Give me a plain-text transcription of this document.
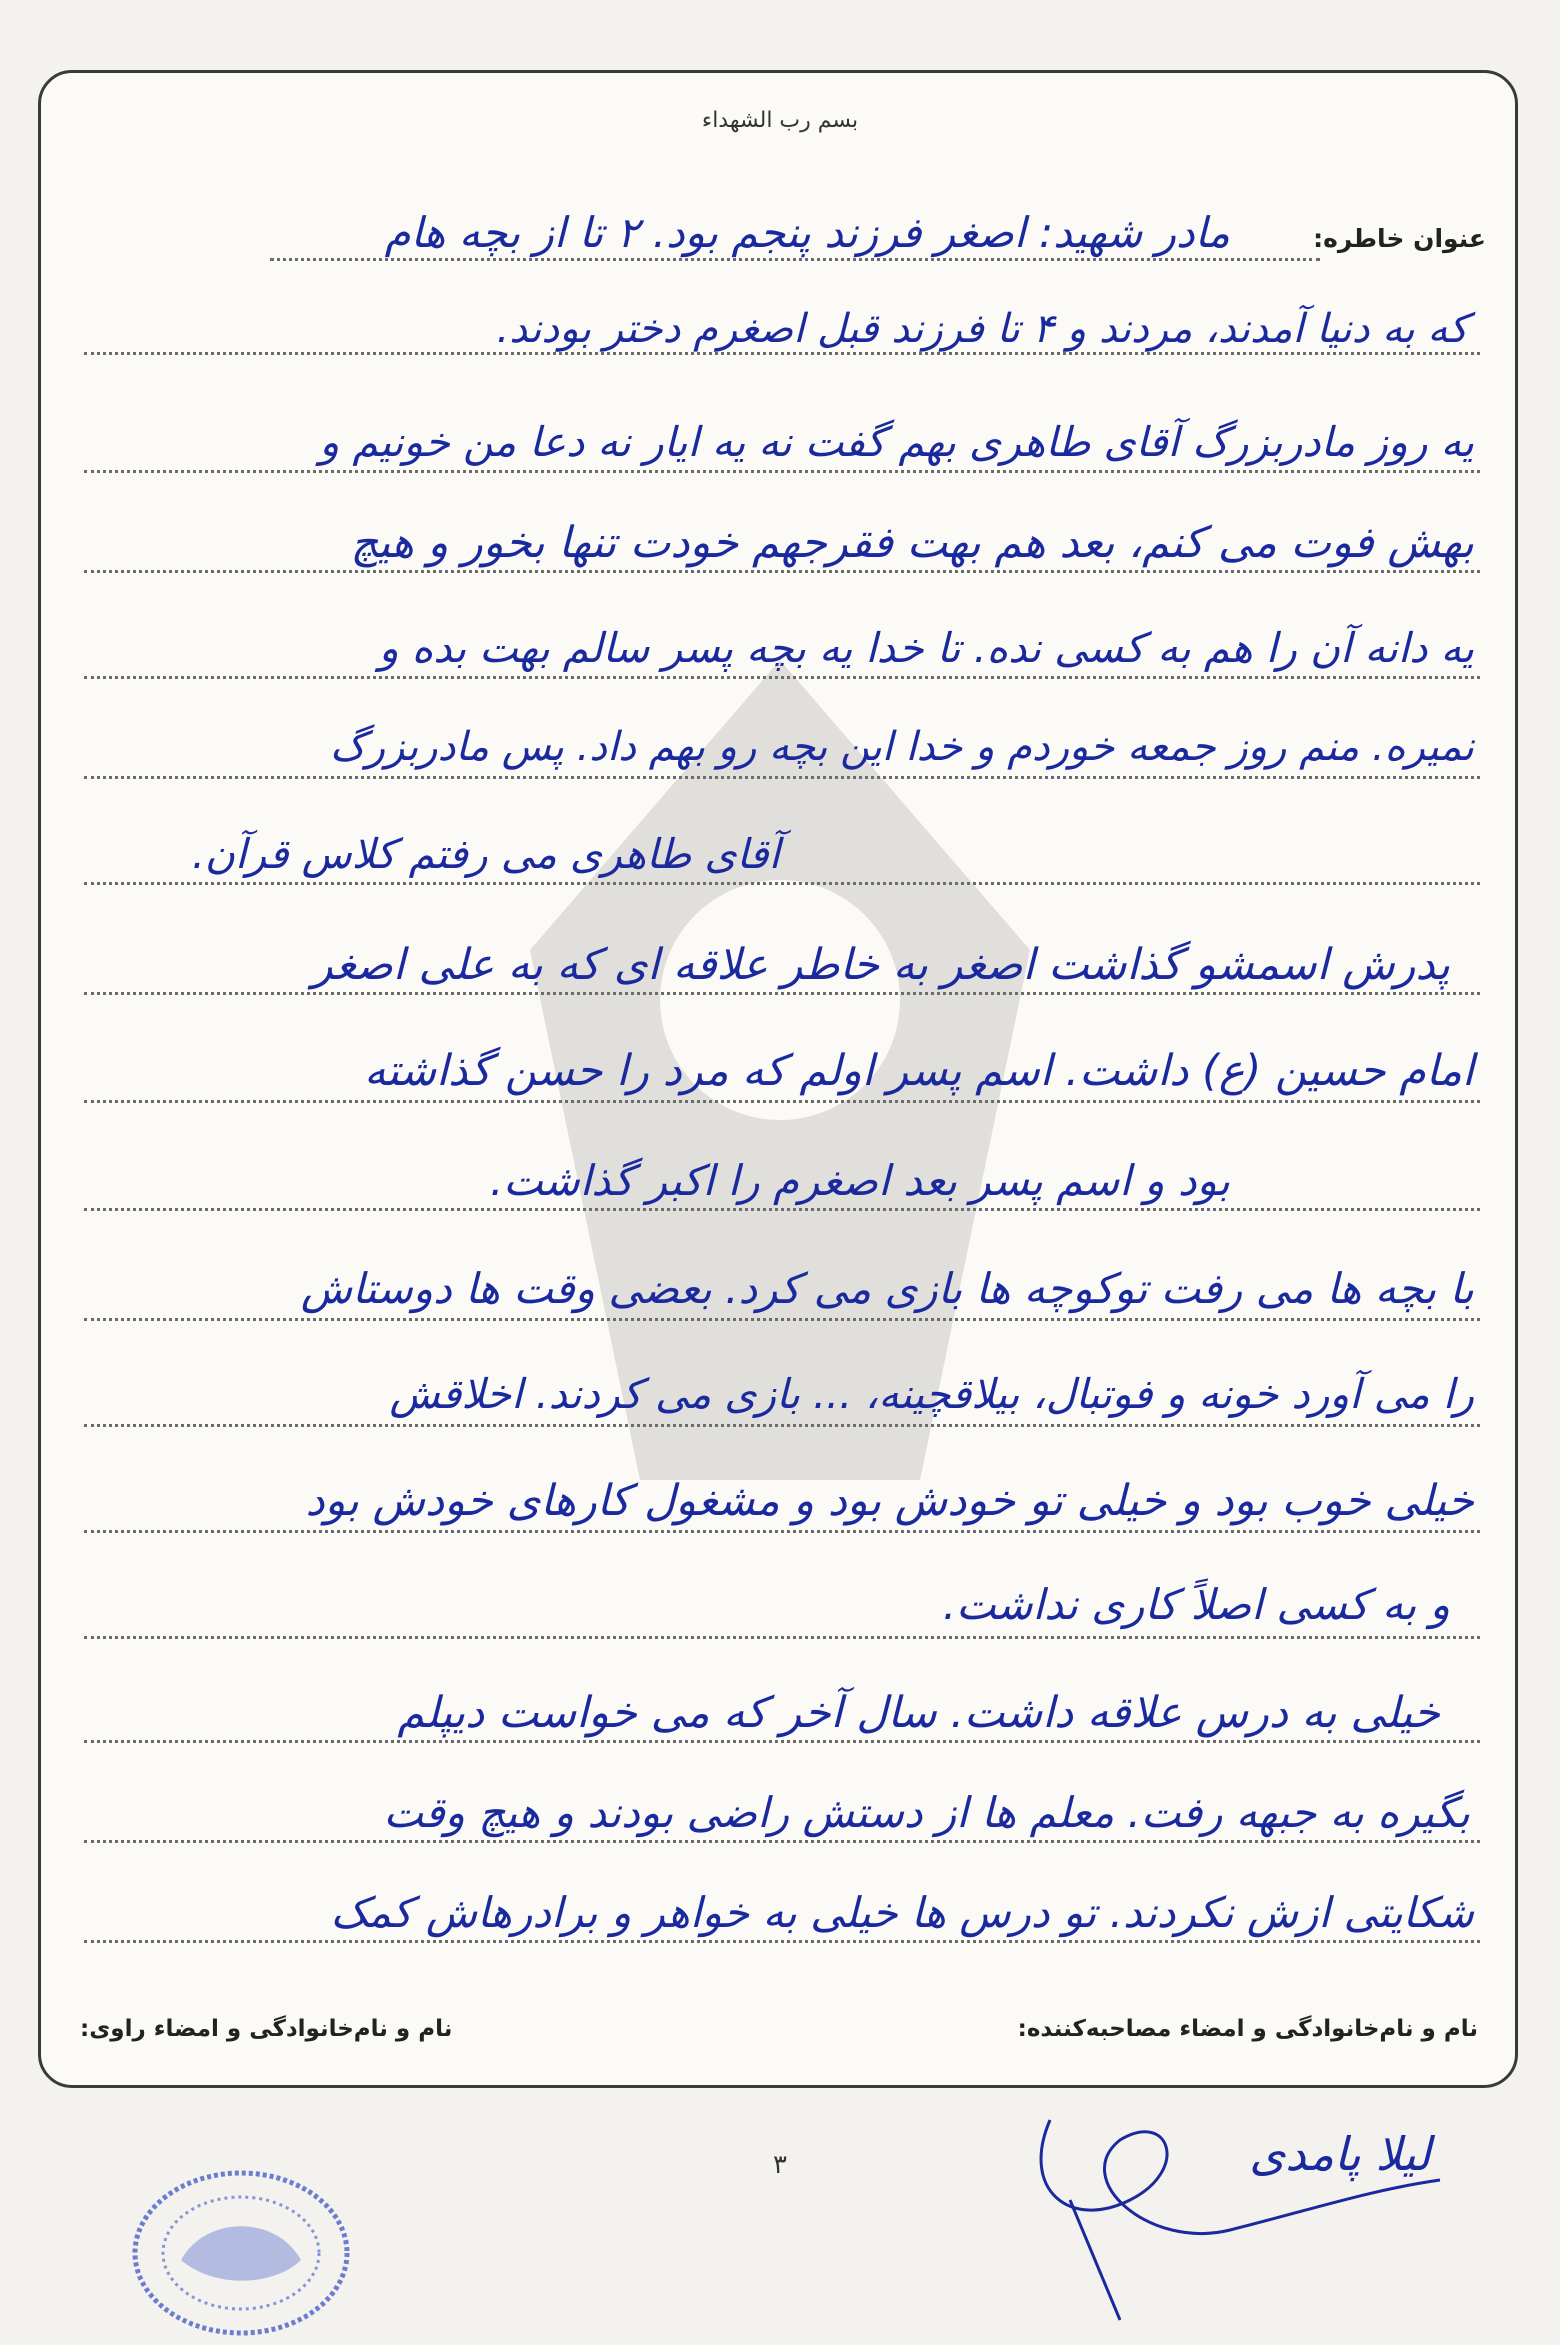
بسم رب الشهداء
عنوان خاطره:
مادر شهید: اصغر فرزند پنجم بود. ۲ تا از بچه هام
که به دنیا آمدند، مردند و ۴ تا فرزند قبل اصغرم دختر بودند.
یه روز مادربزرگ آقای طاهری بهم گفت نه یه ایار نه دعا من خونیم و
بهش فوت می کنم، بعد هم بهت فقرجهم خودت تنها بخور و هیچ
یه دانه آن را هم به کسی نده. تا خدا یه بچه پسر سالم بهت بده و
نمیره. منم روز جمعه خوردم و خدا این بچه رو بهم داد. پس مادربزرگ
آقای طاهری می رفتم کلاس قرآن.
پدرش اسمشو گذاشت اصغر به خاطر علاقه ای که به علی اصغر
امام حسین (ع) داشت. اسم پسر اولم که مرد را حسن گذاشته
بود و اسم پسر بعد اصغرم را اکبر گذاشت.
با بچه ها می رفت توکوچه ها بازی می کرد. بعضی وقت ها دوستاش
را می آورد خونه و فوتبال، بیلاقچینه، ... بازی می کردند. اخلاقش
خیلی خوب بود و خیلی تو خودش بود و مشغول کارهای خودش بود
و به کسی اصلاً کاری نداشت.
خیلی به درس علاقه داشت. سال آخر که می خواست دیپلم
بگیره به جبهه رفت. معلم ها از دستش راضی بودند و هیچ وقت
شکایتی ازش نکردند. تو درس ها خیلی به خواهر و برادرهاش کمک
نام و نام‌خانوادگی و امضاء راوی:	نام و نام‌خانوادگی و امضاء مصاحبه‌کننده:
۳	لیلا پامدی
